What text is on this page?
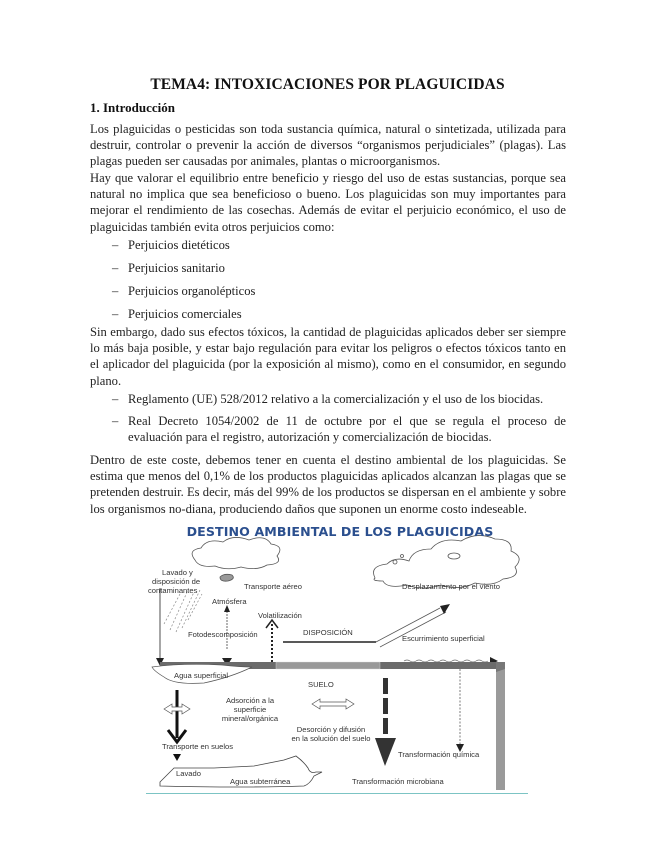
TEMA4: INTOXICACIONES POR PLAGUICIDAS
1. Introducción

Los plaguicidas o pesticidas son toda sustancia química, natural o sintetizada, utilizada para destruir, controlar o prevenir la acción de diversos “organismos perjudiciales” (plagas). Las plagas pueden ser causadas por animales, plantas o microorganismos.

Hay que valorar el equilibrio entre beneficio y riesgo del uso de estas sustancias, porque sea natural no implica que sea beneficioso o bueno. Los plaguicidas son muy importantes para mejorar el rendimiento de las cosechas. Además de evitar el perjuicio económico, el uso de plaguicidas también evita otros perjuicios como:

– Perjuicios dietéticos
– Perjuicios sanitario
– Perjuicios organolépticos
– Perjuicios comerciales

Sin embargo, dado sus efectos tóxicos, la cantidad de plaguicidas aplicados deber ser siempre lo más baja posible, y estar bajo regulación para evitar los peligros o efectos tóxicos tanto en el aplicador del plaguicida (por la exposición al mismo), como en el consumidor, en segundo plano.

– Reglamento (UE) 528/2012 relativo a la comercialización y el uso de los biocidas.
– Real Decreto 1054/2002 de 11 de octubre por el que se regula el proceso de evaluación para el registro, autorización y comercialización de biocidas.

Dentro de este coste, debemos tener en cuenta el destino ambiental de los plaguicidas. Se estima que menos del 0,1% de los productos plaguicidas aplicados alcanzan las plagas que se pretenden destruir. Es decir, más del 99% de los productos se dispersan en el ambiente y sobre los organismos no-diana, produciendo daños que suponen un enorme costo indeseable.

DESTINO AMBIENTAL DE LOS PLAGUICIDAS
Lavado y
disposición de
contaminantes	Transporte aéreo
Atmósfera
Desplazamiento por el viento
Volatilización
Fotodescomposición	DISPOSICIÓN
Escurrimiento superficial
Agua superficial
SUELO
Adsorción a la
superficie
mineral/orgánica
Desorción y difusión
en la solución del suelo
Transporte en suelos
Transformación química
Lavado
Agua subterránea	Transformación microbiana
